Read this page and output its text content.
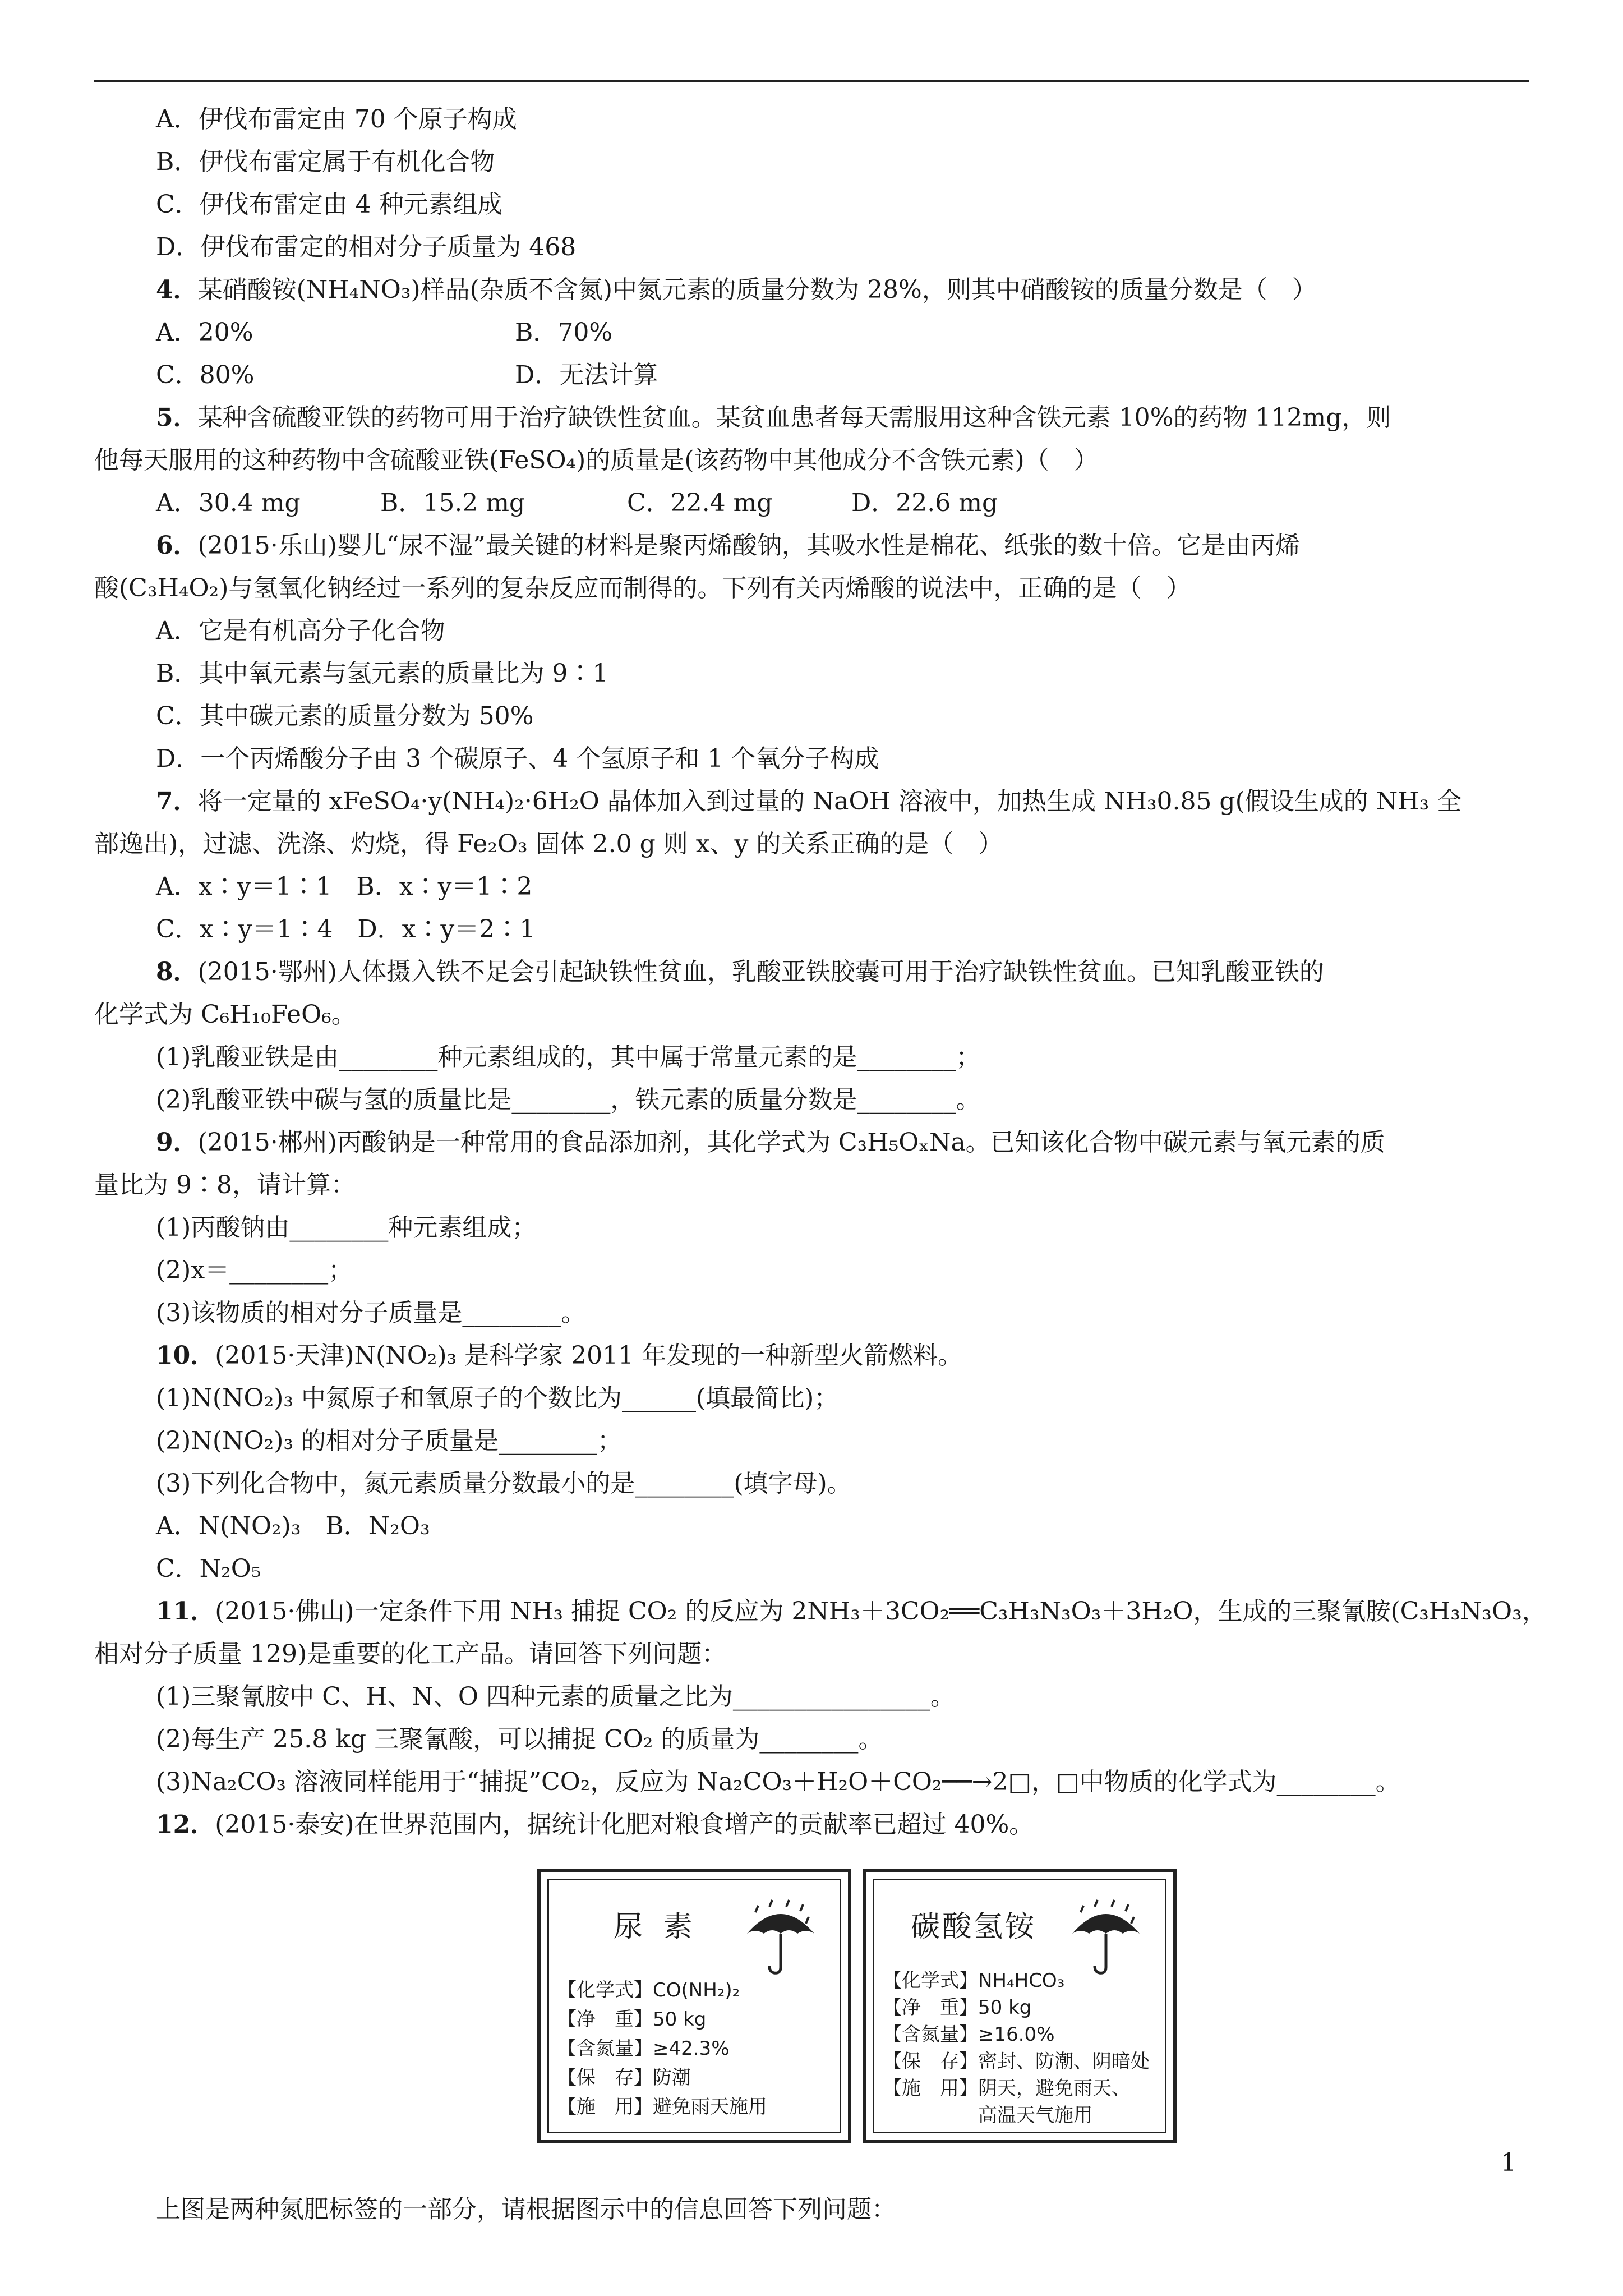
A．伊伐布雷定由 70 个原子构成
B．伊伐布雷定属于有机化合物
C．伊伐布雷定由 4 种元素组成
D．伊伐布雷定的相对分子质量为 468
4．某硝酸铵(NH₄NO₃)样品(杂质不含氮)中氮元素的质量分数为 28%，则其中硝酸铵的质量分数是（　）
A．20%	B．70%
C．80%	D．无法计算
5．某种含硫酸亚铁的药物可用于治疗缺铁性贫血。某贫血患者每天需服用这种含铁元素 10%的药物 112mg，则
他每天服用的这种药物中含硫酸亚铁(FeSO₄)的质量是(该药物中其他成分不含铁元素)（　）
A．30.4 mg	B．15.2 mg	C．22.4 mg	D．22.6 mg
6．(2015·乐山)婴儿“尿不湿”最关键的材料是聚丙烯酸钠，其吸水性是棉花、纸张的数十倍。它是由丙烯
酸(C₃H₄O₂)与氢氧化钠经过一系列的复杂反应而制得的。下列有关丙烯酸的说法中，正确的是（　）
A．它是有机高分子化合物
B．其中氧元素与氢元素的质量比为 9∶1
C．其中碳元素的质量分数为 50%
D．一个丙烯酸分子由 3 个碳原子、4 个氢原子和 1 个氧分子构成
7．将一定量的 xFeSO₄·y(NH₄)₂·6H₂O 晶体加入到过量的 NaOH 溶液中，加热生成 NH₃0.85 g(假设生成的 NH₃ 全
部逸出)，过滤、洗涤、灼烧，得 Fe₂O₃ 固体 2.0 g 则 x、y 的关系正确的是（　）
A．x∶y＝1∶1　B．x∶y＝1∶2
C．x∶y＝1∶4　D．x∶y＝2∶1
8．(2015·鄂州)人体摄入铁不足会引起缺铁性贫血，乳酸亚铁胶囊可用于治疗缺铁性贫血。已知乳酸亚铁的
化学式为 C₆H₁₀FeO₆。
(1)乳酸亚铁是由________种元素组成的，其中属于常量元素的是________；
(2)乳酸亚铁中碳与氢的质量比是________，铁元素的质量分数是________。
9．(2015·郴州)丙酸钠是一种常用的食品添加剂，其化学式为 C₃H₅OₓNa。已知该化合物中碳元素与氧元素的质
量比为 9∶8，请计算：
(1)丙酸钠由________种元素组成；
(2)x＝________；
(3)该物质的相对分子质量是________。
10．(2015·天津)N(NO₂)₃ 是科学家 2011 年发现的一种新型火箭燃料。
(1)N(NO₂)₃ 中氮原子和氧原子的个数比为______(填最简比)；
(2)N(NO₂)₃ 的相对分子质量是________；
(3)下列化合物中，氮元素质量分数最小的是________(填字母)。
A．N(NO₂)₃　B．N₂O₃
C．N₂O₅
11．(2015·佛山)一定条件下用 NH₃ 捕捉 CO₂ 的反应为 2NH₃＋3CO₂══C₃H₃N₃O₃＋3H₂O，生成的三聚氰胺(C₃H₃N₃O₃，
相对分子质量 129)是重要的化工产品。请回答下列问题：
(1)三聚氰胺中 C、H、N、O 四种元素的质量之比为________________。
(2)每生产 25.8 kg 三聚氰酸，可以捕捉 CO₂ 的质量为________。
(3)Na₂CO₃ 溶液同样能用于“捕捉”CO₂，反应为 Na₂CO₃＋H₂O＋CO₂──→2□，□中物质的化学式为________。
12．(2015·泰安)在世界范围内，据统计化肥对粮食增产的贡献率已超过 40%。
尿 素
【化学式】CO(NH₂)₂
【净　重】50 kg
【含氮量】≥42.3%
【保　存】防潮
【施　用】避免雨天施用
碳酸氢铵
【化学式】NH₄HCO₃
【净　重】50 kg
【含氮量】≥16.0%
【保　存】密封、防潮、阴暗处
【施　用】阴天，避免雨天、
　　　　　高温天气施用
上图是两种氮肥标签的一部分，请根据图示中的信息回答下列问题：
1
